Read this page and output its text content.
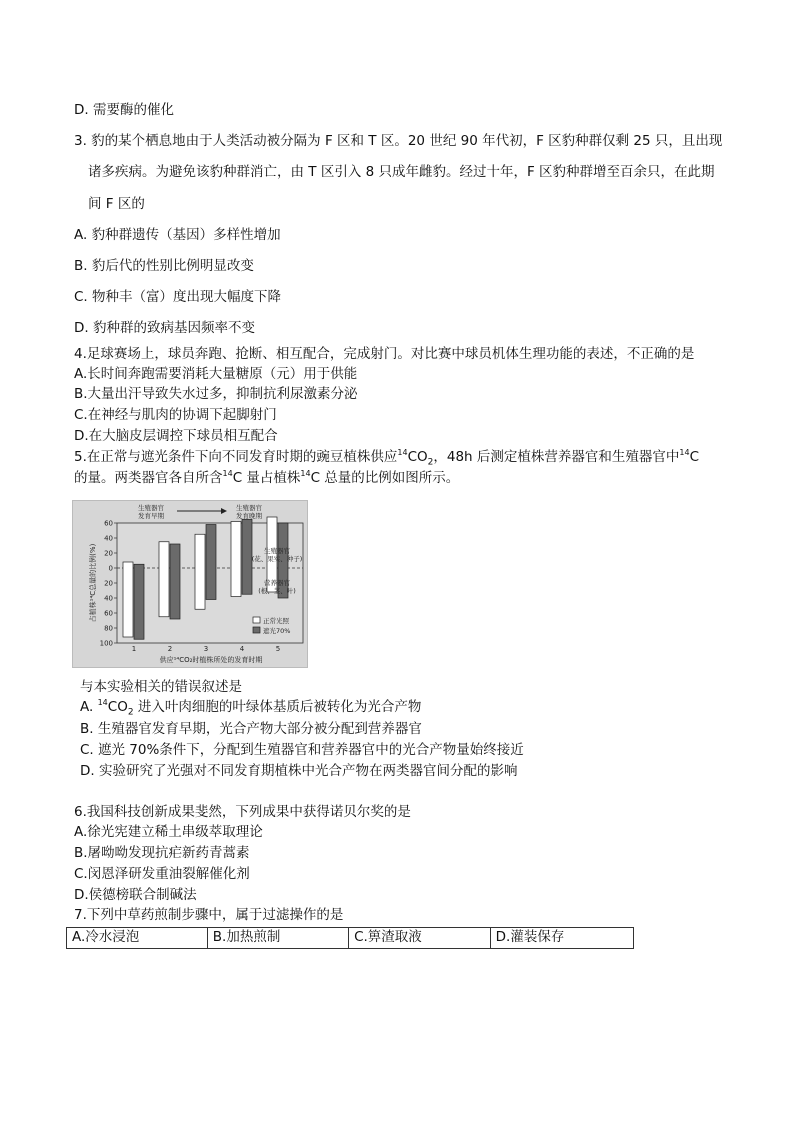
D. 需要酶的催化
3. 豹的某个栖息地由于人类活动被分隔为 F 区和 T 区。20 世纪 90 年代初，F 区豹种群仅剩 25 只，且出现
诸多疾病。为避免该豹种群消亡，由 T 区引入 8 只成年雌豹。经过十年，F 区豹种群增至百余只，在此期
间 F 区的
A. 豹种群遗传（基因）多样性增加
B. 豹后代的性别比例明显改变
C. 物种丰（富）度出现大幅度下降
D. 豹种群的致病基因频率不变
4.足球赛场上，球员奔跑、抢断、相互配合，完成射门。对比赛中球员机体生理功能的表述，不正确的是
A.长时间奔跑需要消耗大量糖原（元）用于供能
B.大量出汗导致失水过多，抑制抗利尿激素分泌
C.在神经与肌肉的协调下起脚射门
D.在大脑皮层调控下球员相互配合
5.在正常与遮光条件下向不同发育时期的豌豆植株供应$^{14}CO_2$，48h 后测定植株营养器官和生殖器官中$^{14}$C
的量。两类器官各自所含$^{14}$C 量占植株$^{14}$C 总量的比例如图所示。
60
40
20
0
20
40
60
80
100
占植株¹⁴C总量的比例(%)
1	2	3	4	5
供应¹⁴CO₂时植株所处的发育时期
生殖器官
发育早期
生殖器官
发育晚期
生殖器官
(花、果实、种子)
营养器官
(根、茎、叶)
正常光照
遮光70%
与本实验相关的错误叙述是
A. $^{14}CO_2$ 进入叶肉细胞的叶绿体基质后被转化为光合产物
B. 生殖器官发育早期，光合产物大部分被分配到营养器官
C. 遮光 70%条件下，分配到生殖器官和营养器官中的光合产物量始终接近
D. 实验研究了光强对不同发育期植株中光合产物在两类器官间分配的影响
6.我国科技创新成果斐然，下列成果中获得诺贝尔奖的是
A.徐光宪建立稀土串级萃取理论
B.屠呦呦发现抗疟新药青蒿素
C.闵恩泽研发重油裂解催化剂
D.侯德榜联合制碱法
7.下列中草药煎制步骤中，属于过滤操作的是
A.冷水浸泡	B.加热煎制	C.箅渣取液	D.灌装保存
